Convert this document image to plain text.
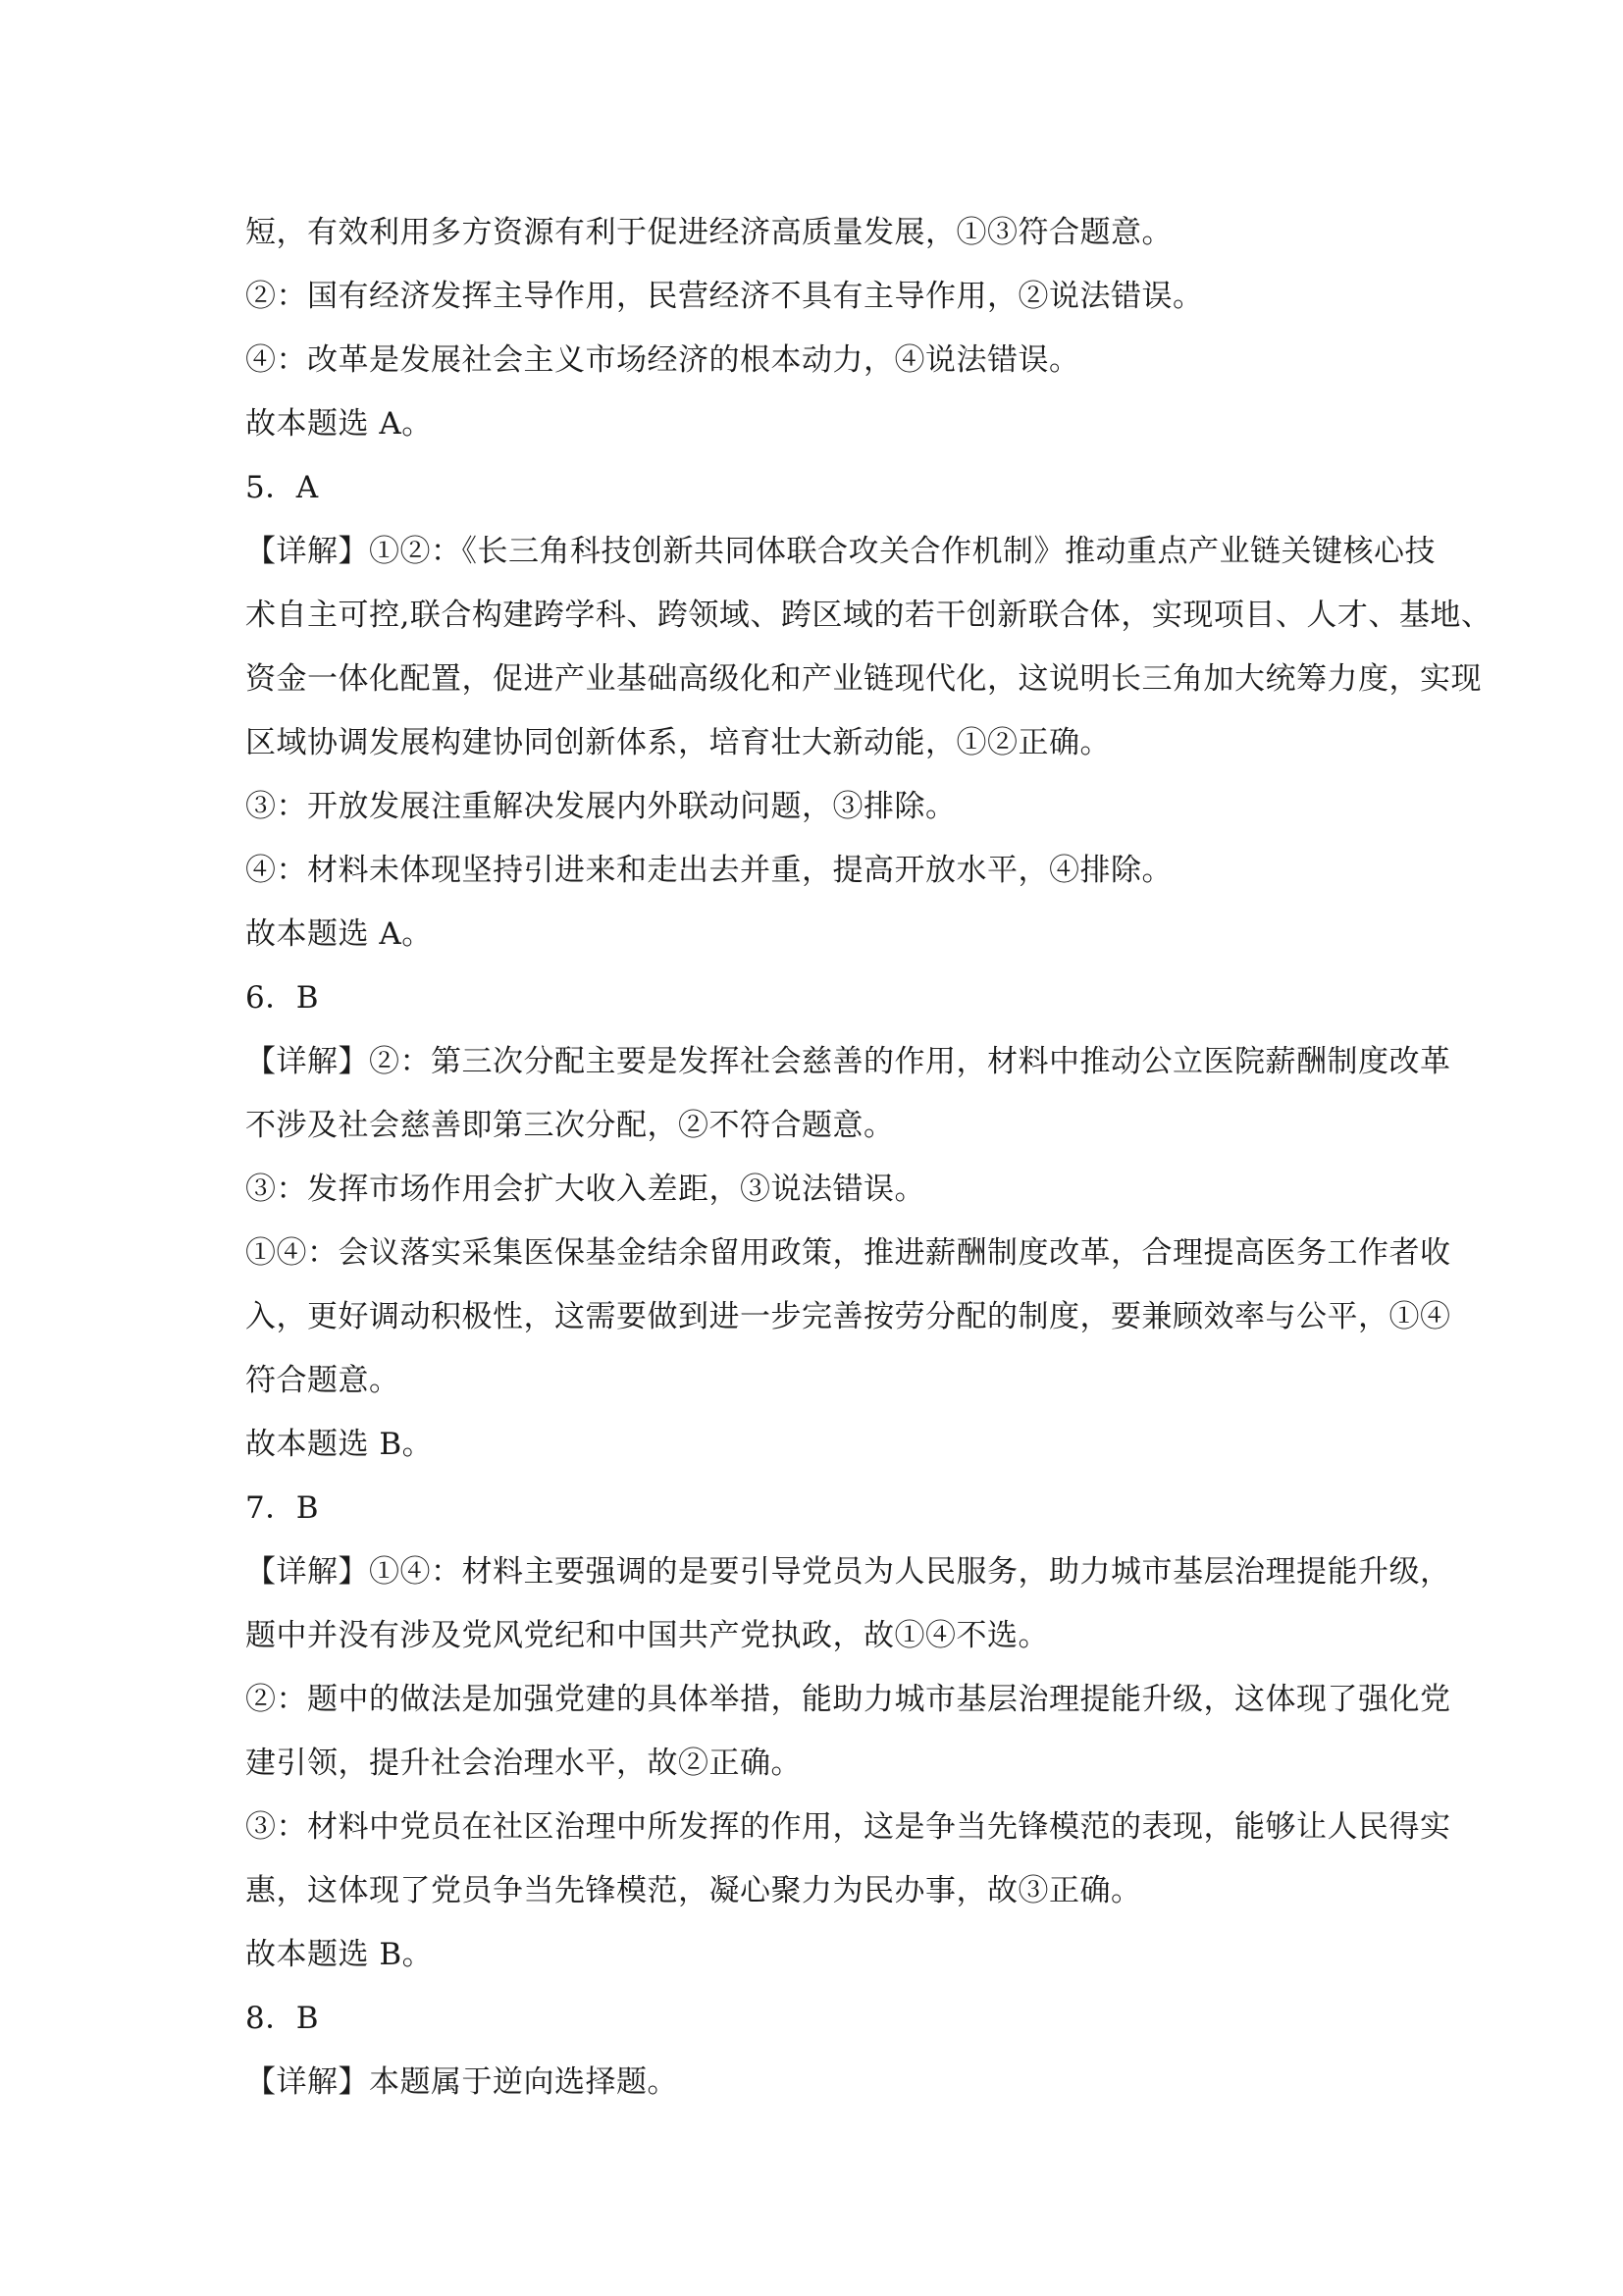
短，有效利用多方资源有利于促进经济高质量发展，①③符合题意。
②：国有经济发挥主导作用，民营经济不具有主导作用，②说法错误。
④：改革是发展社会主义市场经济的根本动力，④说法错误。
故本题选 A。
5．A
【详解】①②：《长三角科技创新共同体联合攻关合作机制》推动重点产业链关键核心技
术自主可控,联合构建跨学科、跨领域、跨区域的若干创新联合体，实现项目、人才、基地、
资金一体化配置，促进产业基础高级化和产业链现代化，这说明长三角加大统筹力度，实现
区域协调发展构建协同创新体系，培育壮大新动能，①②正确。
③：开放发展注重解决发展内外联动问题，③排除。
④：材料未体现坚持引进来和走出去并重，提高开放水平，④排除。
故本题选 A。
6．B
【详解】②：第三次分配主要是发挥社会慈善的作用，材料中推动公立医院薪酬制度改革
不涉及社会慈善即第三次分配，②不符合题意。
③：发挥市场作用会扩大收入差距，③说法错误。
①④：会议落实采集医保基金结余留用政策，推进薪酬制度改革，合理提高医务工作者收
入，更好调动积极性，这需要做到进一步完善按劳分配的制度，要兼顾效率与公平，①④
符合题意。
故本题选 B。
7．B
【详解】①④：材料主要强调的是要引导党员为人民服务，助力城市基层治理提能升级，
题中并没有涉及党风党纪和中国共产党执政，故①④不选。
②：题中的做法是加强党建的具体举措，能助力城市基层治理提能升级，这体现了强化党
建引领，提升社会治理水平，故②正确。
③：材料中党员在社区治理中所发挥的作用，这是争当先锋模范的表现，能够让人民得实
惠，这体现了党员争当先锋模范，凝心聚力为民办事，故③正确。
故本题选 B。
8．B
【详解】本题属于逆向选择题。
